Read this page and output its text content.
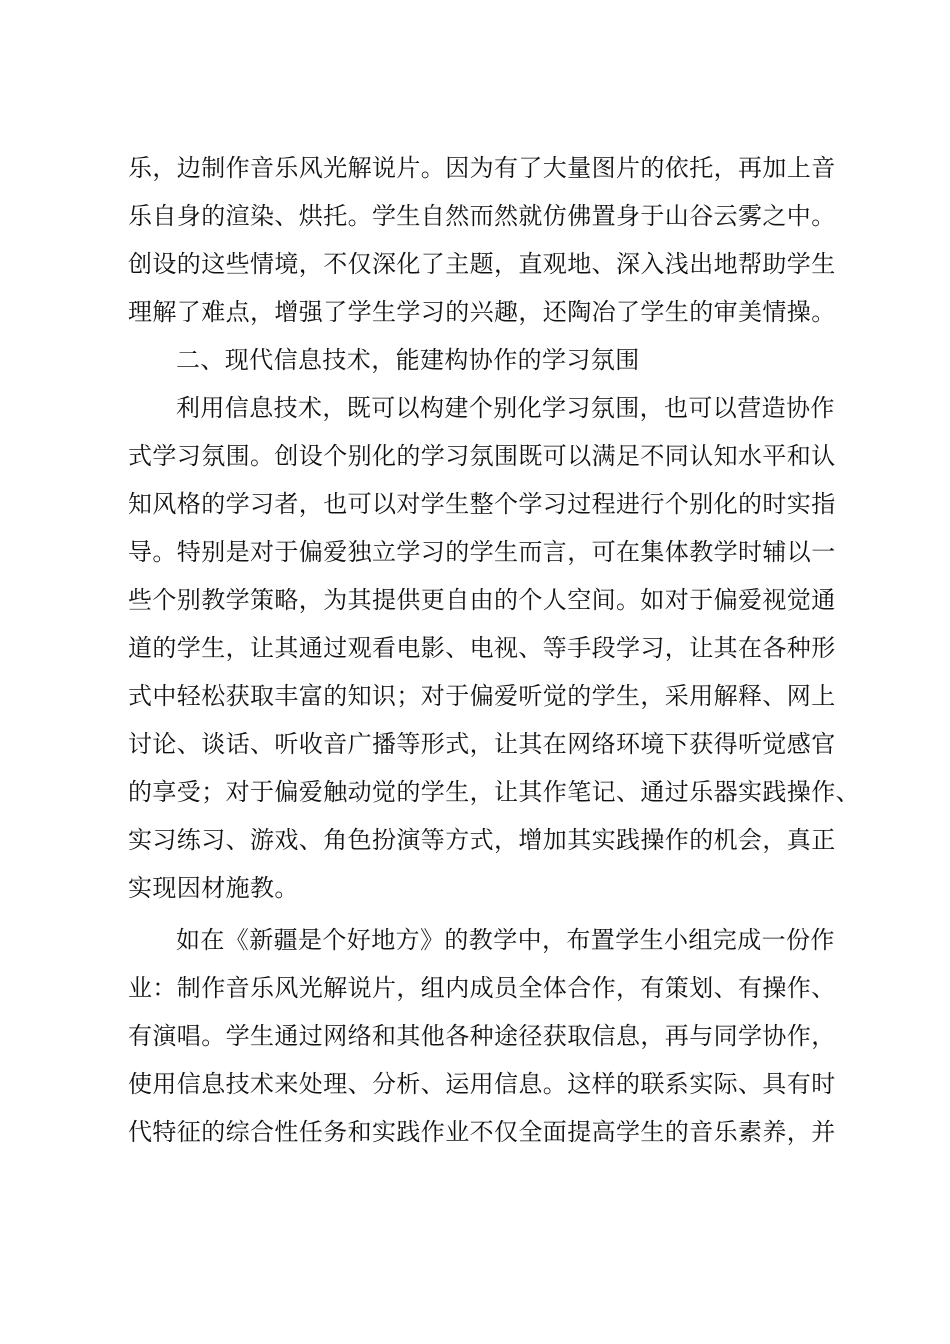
乐，边制作音乐风光解说片。因为有了大量图片的依托，再加上音
乐自身的渲染、烘托。学生自然而然就仿佛置身于山谷云雾之中。
创设的这些情境，不仅深化了主题，直观地、深入浅出地帮助学生
理解了难点，增强了学生学习的兴趣，还陶冶了学生的审美情操。
二、现代信息技术，能建构协作的学习氛围
利用信息技术，既可以构建个别化学习氛围，也可以营造协作
式学习氛围。创设个别化的学习氛围既可以满足不同认知水平和认
知风格的学习者，也可以对学生整个学习过程进行个别化的时实指
导。特别是对于偏爱独立学习的学生而言，可在集体教学时辅以一
些个别教学策略，为其提供更自由的个人空间。如对于偏爱视觉通
道的学生，让其通过观看电影、电视、等手段学习，让其在各种形
式中轻松获取丰富的知识；对于偏爱听觉的学生，采用解释、网上
讨论、谈话、听收音广播等形式，让其在网络环境下获得听觉感官
的享受；对于偏爱触动觉的学生，让其作笔记、通过乐器实践操作、
实习练习、游戏、角色扮演等方式，增加其实践操作的机会，真正
实现因材施教。
如在《新疆是个好地方》的教学中，布置学生小组完成一份作
业：制作音乐风光解说片，组内成员全体合作，有策划、有操作、
有演唱。学生通过网络和其他各种途径获取信息，再与同学协作，
使用信息技术来处理、分析、运用信息。这样的联系实际、具有时
代特征的综合性任务和实践作业不仅全面提高学生的音乐素养，并
